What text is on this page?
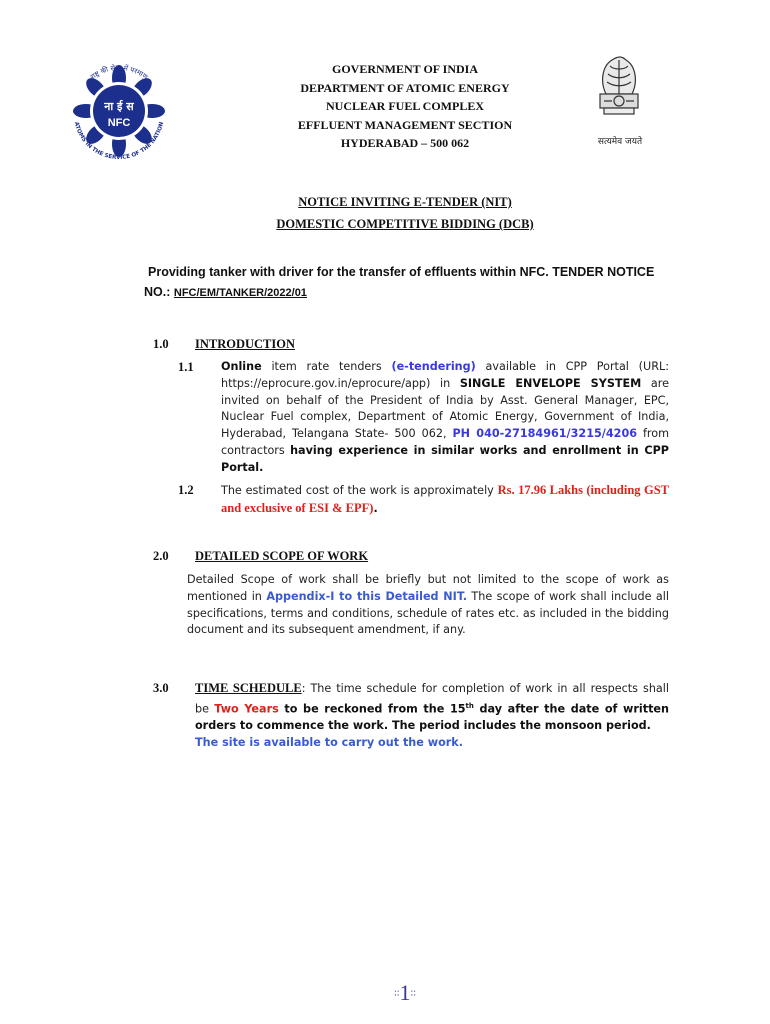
GOVERNMENT OF INDIA
DEPARTMENT OF ATOMIC ENERGY
NUCLEAR FUEL COMPLEX
EFFLUENT MANAGEMENT SECTION
HYDERABAD – 500 062
ना ई स
NFC
राष्ट्र की सेवा में परमाणु
ATOMS IN THE SERVICE OF THE NATION
सत्यमेव जयते
NOTICE INVITING E-TENDER (NIT)
DOMESTIC COMPETITIVE BIDDING (DCB)
Providing tanker with driver for the transfer of effluents within NFC. TENDER NOTICE
NO.: NFC/EM/TANKER/2022/01
1.0 INTRODUCTION
1.1 Online item rate tenders (e-tendering) available in CPP Portal (URL: https://eprocure.gov.in/eprocure/app) in SINGLE ENVELOPE SYSTEM are invited on behalf of the President of India by Asst. General Manager, EPC, Nuclear Fuel complex, Department of Atomic Energy, Government of India, Hyderabad, Telangana State- 500 062, PH 040-27184961/3215/4206 from contractors having experience in similar works and enrollment in CPP Portal.
1.2 The estimated cost of the work is approximately Rs. 17.96 Lakhs (including GST and exclusive of ESI & EPF).
2.0 DETAILED SCOPE OF WORK
Detailed Scope of work shall be briefly but not limited to the scope of work as mentioned in Appendix-I to this Detailed NIT. The scope of work shall include all specifications, terms and conditions, schedule of rates etc. as included in the bidding document and its subsequent amendment, if any.
3.0 TIME SCHEDULE: The time schedule for completion of work in all respects shall be Two Years to be reckoned from the 15th day after the date of written orders to commence the work. The period includes the monsoon period.
The site is available to carry out the work.
::1::
